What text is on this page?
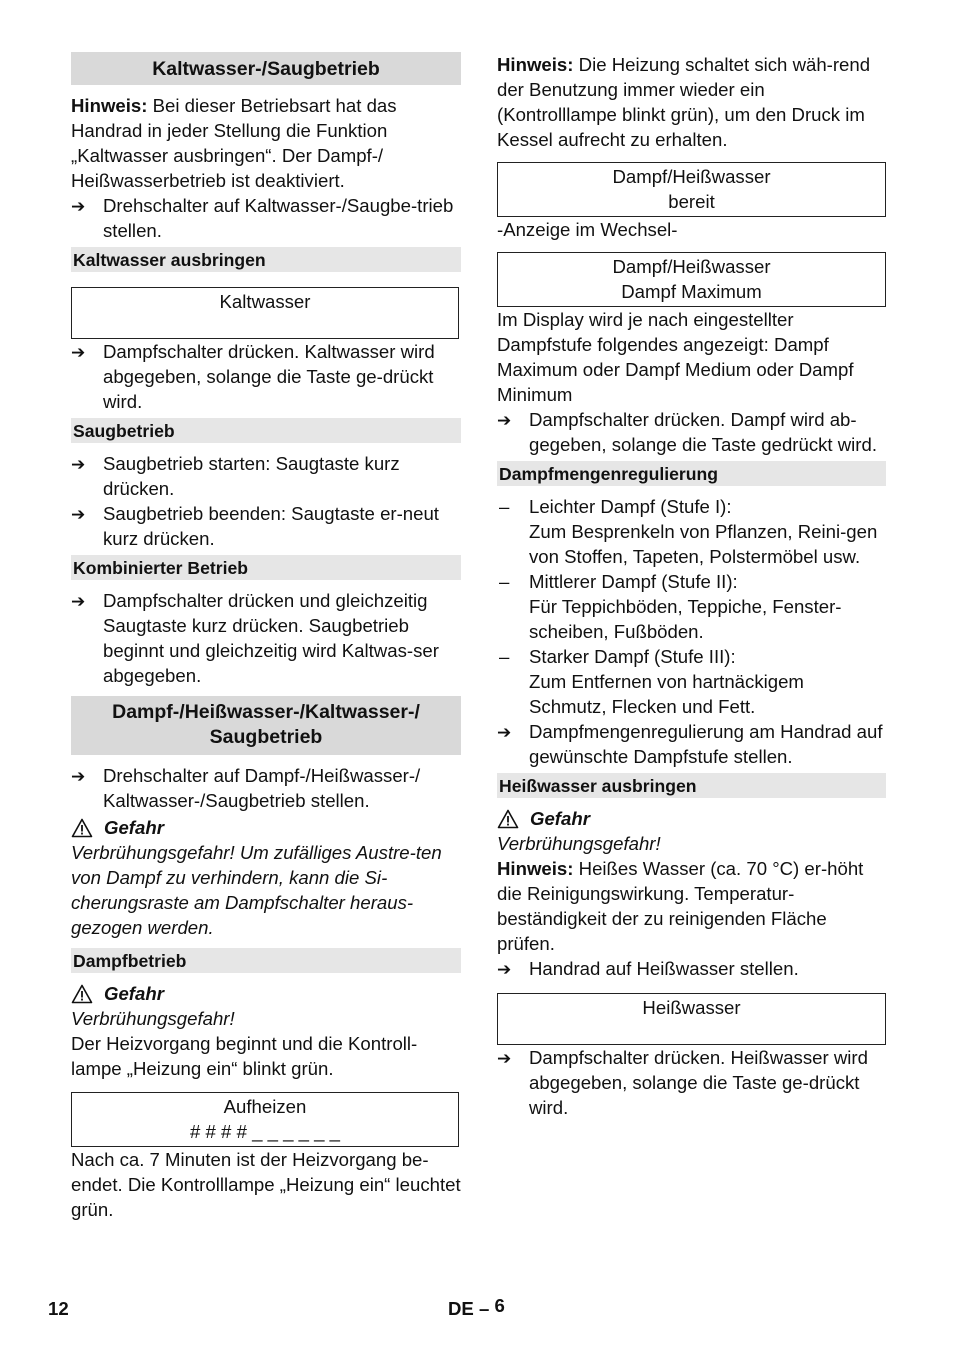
Kaltwasser-/Saugbetrieb

Hinweis: Bei dieser Betriebsart hat das Handrad in jeder Stellung die Funktion „Kaltwasser ausbringen“. Der Dampf-/ Heißwasserbetrieb ist deaktiviert.

➔ Drehschalter auf Kaltwasser-/Saugbe-trieb stellen.
Kaltwasser ausbringen
Kaltwasser
➔ Dampfschalter drücken. Kaltwasser wird abgegeben, solange die Taste ge-drückt wird.
Saugbetrieb
➔ Saugbetrieb starten: Saugtaste kurz drücken.
➔ Saugbetrieb beenden: Saugtaste er-neut kurz drücken.
Kombinierter Betrieb
➔ Dampfschalter drücken und gleichzeitig Saugtaste kurz drücken. Saugbetrieb beginnt und gleichzeitig wird Kaltwas-ser abgegeben.
Dampf-/Heißwasser-/Kaltwasser-/
Saugbetrieb
➔ Drehschalter auf Dampf-/Heißwasser-/ Kaltwasser-/Saugbetrieb stellen.
Gefahr

Verbrühungsgefahr! Um zufälliges Austre-ten von Dampf zu verhindern, kann die Si-cherungsraste am Dampfschalter heraus-gezogen werden.

Dampfbetrieb
Gefahr

Verbrühungsgefahr!

Der Heizvorgang beginnt und die Kontroll-lampe „Heizung ein“ blinkt grün.

Aufheizen
# # # # _ _ _ _ _ _

Nach ca. 7 Minuten ist der Heizvorgang be-endet. Die Kontrolllampe „Heizung ein“ leuchtet grün.

Hinweis: Die Heizung schaltet sich wäh-rend der Benutzung immer wieder ein (Kontrolllampe blinkt grün), um den Druck im Kessel aufrecht zu erhalten.

Dampf/Heißwasser
bereit

-Anzeige im Wechsel-

Dampf/Heißwasser
Dampf Maximum

Im Display wird je nach eingestellter Dampfstufe folgendes angezeigt: Dampf Maximum oder Dampf Medium oder Dampf Minimum

➔ Dampfschalter drücken. Dampf wird ab-gegeben, solange die Taste gedrückt wird.
Dampfmengenregulierung
–	Leichter Dampf (Stufe I):
Zum Besprenkeln von Pflanzen, Reini-gen von Stoffen, Tapeten, Polstermöbel usw.
–	Mittlerer Dampf (Stufe II):
Für Teppichböden, Teppiche, Fenster-scheiben, Fußböden.
–	Starker Dampf (Stufe III):
Zum Entfernen von hartnäckigem Schmutz, Flecken und Fett.
➔ Dampfmengenregulierung am Handrad auf gewünschte Dampfstufe stellen.
Heißwasser ausbringen
Gefahr

Verbrühungsgefahr!

Hinweis: Heißes Wasser (ca. 70 °C) er-höht die Reinigungswirkung. Temperatur-beständigkeit der zu reinigenden Fläche prüfen.

➔ Handrad auf Heißwasser stellen.
Heißwasser
➔ Dampfschalter drücken. Heißwasser wird abgegeben, solange die Taste ge-drückt wird.
12	DE – 6
